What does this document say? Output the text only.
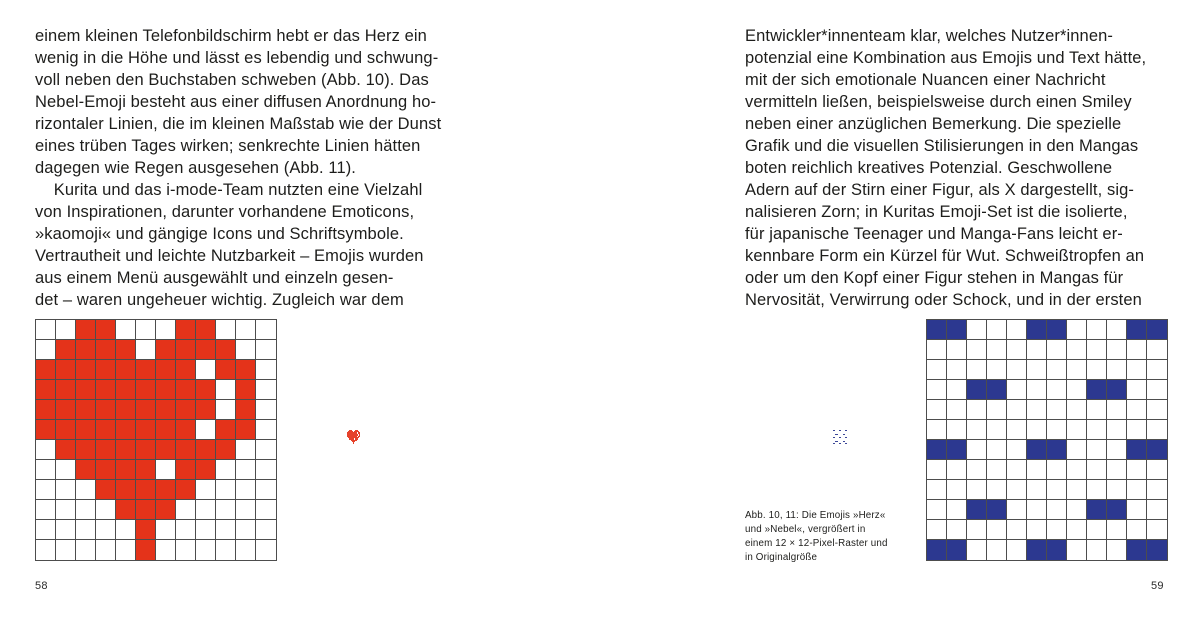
einem kleinen Telefonbildschirm hebt er das Herz ein
wenig in die Höhe und lässt es lebendig und schwung-
voll neben den Buchstaben schweben (Abb. 10). Das
Nebel-Emoji besteht aus einer diffusen Anordnung ho-
rizontaler Linien, die im kleinen Maßstab wie der Dunst
eines trüben Tages wirken; senkrechte Linien hätten
dagegen wie Regen ausgesehen (Abb. 11).
Kurita und das i-mode-Team nutzten eine Vielzahl
von Inspirationen, darunter vorhandene Emoticons,
»kaomoji« und gängige Icons und Schriftsymbole.
Vertrautheit und leichte Nutzbarkeit – Emojis wurden
aus einem Menü ausgewählt und einzeln gesen-
det – waren ungeheuer wichtig. Zugleich war dem
58
Entwickler*innenteam klar, welches Nutzer*innen-
potenzial eine Kombination aus Emojis und Text hätte,
mit der sich emotionale Nuancen einer Nachricht
vermitteln ließen, beispielsweise durch einen Smiley
neben einer anzüglichen Bemerkung. Die spezielle
Grafik und die visuellen Stilisierungen in den Mangas
boten reichlich kreatives Potenzial. Geschwollene
Adern auf der Stirn einer Figur, als X dargestellt, sig-
nalisieren Zorn; in Kuritas Emoji-Set ist die isolierte,
für japanische Teenager und Manga-Fans leicht er-
kennbare Form ein Kürzel für Wut. Schweißtropfen an
oder um den Kopf einer Figur stehen in Mangas für
Nervosität, Verwirrung oder Schock, und in der ersten
Abb. 10, 11: Die Emojis »Herz«
und »Nebel«, vergrößert in
einem 12 × 12-Pixel-Raster und
in Originalgröße
59
